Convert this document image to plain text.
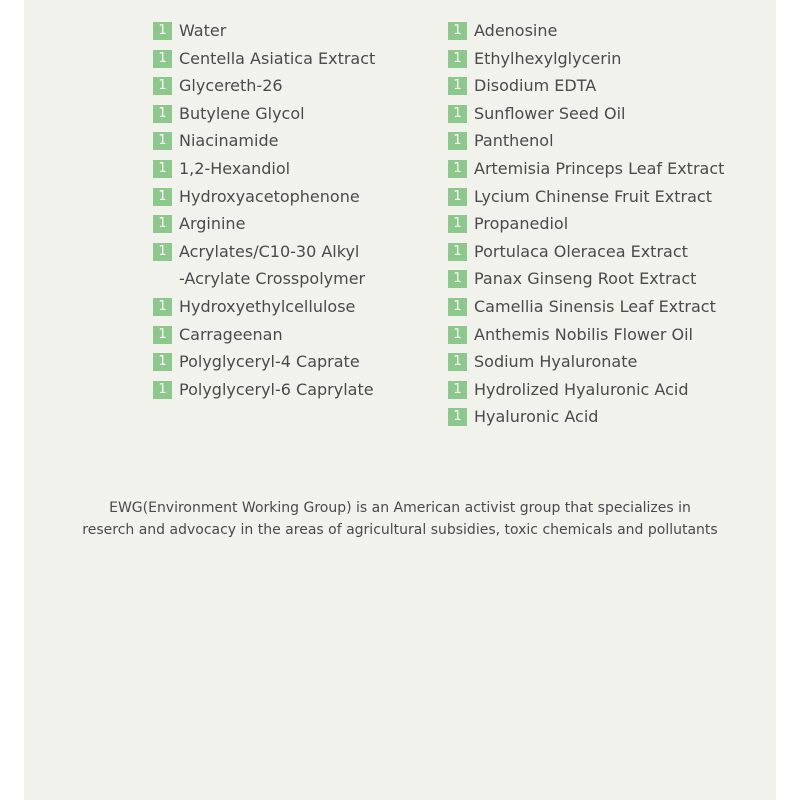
1 Water
1 Centella Asiatica Extract
1 Glycereth-26
1 Butylene Glycol
1 Niacinamide
1 1,2-Hexandiol
1 Hydroxyacetophenone
1 Arginine
1 Acrylates/C10-30 Alkyl
-Acrylate Crosspolymer
1 Hydroxyethylcellulose
1 Carrageenan
1 Polyglyceryl-4 Caprate
1 Polyglyceryl-6 Caprylate
1 Adenosine
1 Ethylhexylglycerin
1 Disodium EDTA
1 Sunflower Seed Oil
1 Panthenol
1 Artemisia Princeps Leaf Extract
1 Lycium Chinense Fruit Extract
1 Propanediol
1 Portulaca Oleracea Extract
1 Panax Ginseng Root Extract
1 Camellia Sinensis Leaf Extract
1 Anthemis Nobilis Flower Oil
1 Sodium Hyaluronate
1 Hydrolized Hyaluronic Acid
1 Hyaluronic Acid
EWG(Environment Working Group) is an American activist group that specializes in
reserch and advocacy in the areas of agricultural subsidies, toxic chemicals and pollutants
